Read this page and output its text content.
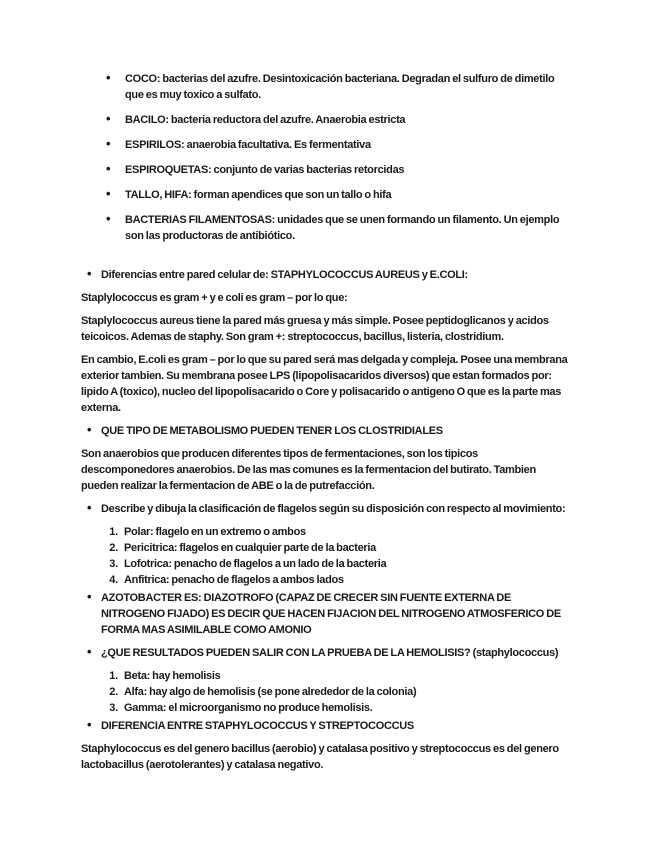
• COCO: bacterias del azufre. Desintoxicación bacteriana. Degradan el sulfuro de dimetilo que es muy toxico a sulfato.
• BACILO: bacteria reductora del azufre. Anaerobia estricta
• ESPIRILOS: anaerobia facultativa. Es fermentativa
• ESPIROQUETAS: conjunto de varias bacterias retorcidas
• TALLO, HIFA: forman apendices que son un tallo o hifa
• BACTERIAS FILAMENTOSAS: unidades que se unen formando un filamento. Un ejemplo son las productoras de antibiótico.
• Diferencias entre pared celular de: STAPHYLOCOCCUS AUREUS y E.COLI:

Staplylococcus es gram + y e coli es gram – por lo que:

Staplylococcus aureus tiene la pared más gruesa y más simple. Posee peptidoglicanos y acidos teicoicos. Ademas de staphy. Son gram +: streptococcus, bacillus, listeria, clostridium.

En cambio, E.coli es gram – por lo que su pared será mas delgada y compleja. Posee una membrana exterior tambien. Su membrana posee LPS (lipopolisacaridos diversos) que estan formados por: lipido A (toxico), nucleo del lipopolisacarido o Core y polisacarido o antigeno O que es la parte mas externa.

• QUE TIPO DE METABOLISMO PUEDEN TENER LOS CLOSTRIDIALES

Son anaerobios que producen diferentes tipos de fermentaciones, son los tipicos descomponedores anaerobios. De las mas comunes es la fermentacion del butirato. Tambien pueden realizar la fermentacion de ABE o la de putrefacción.

• Describe y dibuja la clasificación de flagelos según su disposición con respecto al movimiento:
1. Polar: flagelo en un extremo o ambos
2. Pericitrica: flagelos en cualquier parte de la bacteria
3. Lofotrica: penacho de flagelos a un lado de la bacteria
4. Anfitrica: penacho de flagelos a ambos lados
• AZOTOBACTER ES: DIAZOTROFO (CAPAZ DE CRECER SIN FUENTE EXTERNA DE NITROGENO FIJADO) ES DECIR QUE HACEN FIJACION DEL NITROGENO ATMOSFERICO DE FORMA MAS ASIMILABLE COMO AMONIO
• ¿QUE RESULTADOS PUEDEN SALIR CON LA PRUEBA DE LA HEMOLISIS? (staphylococcus)
1. Beta: hay hemolisis
2. Alfa: hay algo de hemolisis (se pone alrededor de la colonia)
3. Gamma: el microorganismo no produce hemolisis.
• DIFERENCIA ENTRE STAPHYLOCOCCUS Y STREPTOCOCCUS

Staphylococcus es del genero bacillus (aerobio) y catalasa positivo y streptococcus es del genero lactobacillus (aerotolerantes) y catalasa negativo.
